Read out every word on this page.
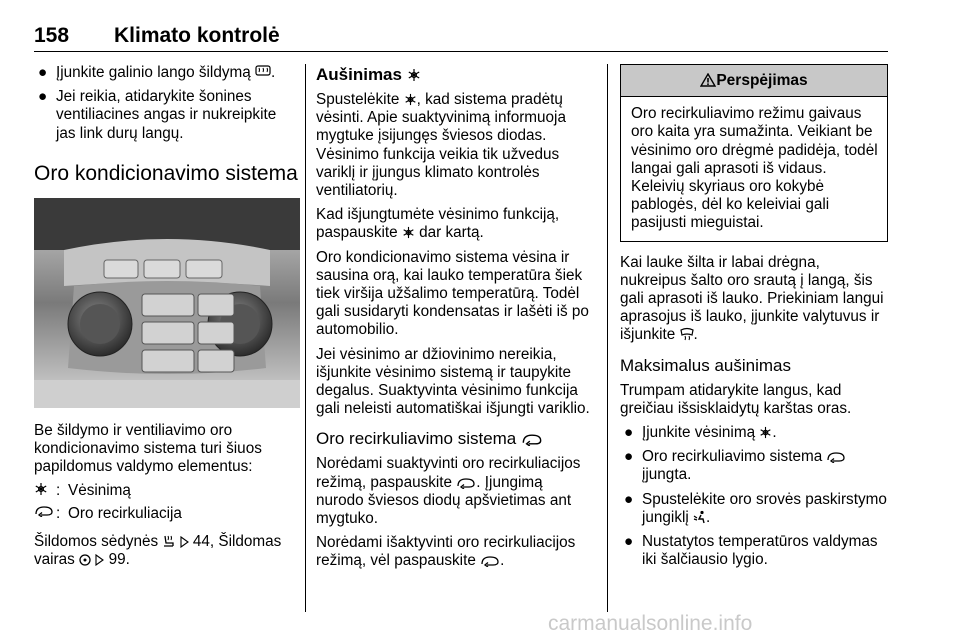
158 Klimato kontrolė
● Įjunkite galinio lango šildymą .
● Jei reikia, atidarykite šonines ventiliacines angas ir nukreipkite jas link durų langų.
Oro kondicionavimo sistema

Be šildymo ir ventiliavimo oro kondicionavimo sistema turi šiuos papildomus valdymo elementus:

: Vėsinimą
: Oro recirkuliacija

Šildomos sėdynės 44, Šildomas
vairas 99.

Aušinimas

Spustelėkite , kad sistema pradėtų vėsinti. Apie suaktyvinimą informuoja mygtuke įsijungęs šviesos diodas. Vėsinimo funkcija veikia tik užvedus variklį ir įjungus klimato kontrolės ventiliatorių.

Kad išjungtumėte vėsinimo funkciją, paspauskite dar kartą.

Oro kondicionavimo sistema vėsina ir sausina orą, kai lauko temperatūra šiek tiek viršija užšalimo temperatūrą. Todėl gali susidaryti kondensatas ir lašėti iš po automobilio.

Jei vėsinimo ar džiovinimo nereikia, išjunkite vėsinimo sistemą ir taupykite degalus. Suaktyvinta vėsinimo funkcija gali neleisti automatiškai išjungti variklio.

Oro recirkuliavimo sistema

Norėdami suaktyvinti oro recirkuliacijos režimą, paspauskite . Įjungimą nurodo šviesos diodų apšvietimas ant mygtuko.

Norėdami išaktyvinti oro recirkuliacijos režimą, vėl paspauskite .

Perspėjimas
Oro recirkuliavimo režimu gaivaus oro kaita yra sumažinta. Veikiant be vėsinimo oro drėgmė padidėja, todėl langai gali aprasoti iš vidaus. Keleivių skyriaus oro kokybė pablogės, dėl ko keleiviai gali pasijusti mieguistai.

Kai lauke šilta ir labai drėgna, nukreipus šalto oro srautą į langą, šis gali aprasoti iš lauko. Priekiniam langui aprasojus iš lauko, įjunkite valytuvus ir išjunkite .

Maksimalus aušinimas

Trumpam atidarykite langus, kad greičiau išsisklaidytų karštas oras.

● Įjunkite vėsinimą .
● Oro recirkuliavimo sistema  įjungta.
● Spustelėkite oro srovės paskirstymo jungiklį .
● Nustatytos temperatūros valdymas iki šalčiausio lygio.
carmanualsonline.info
